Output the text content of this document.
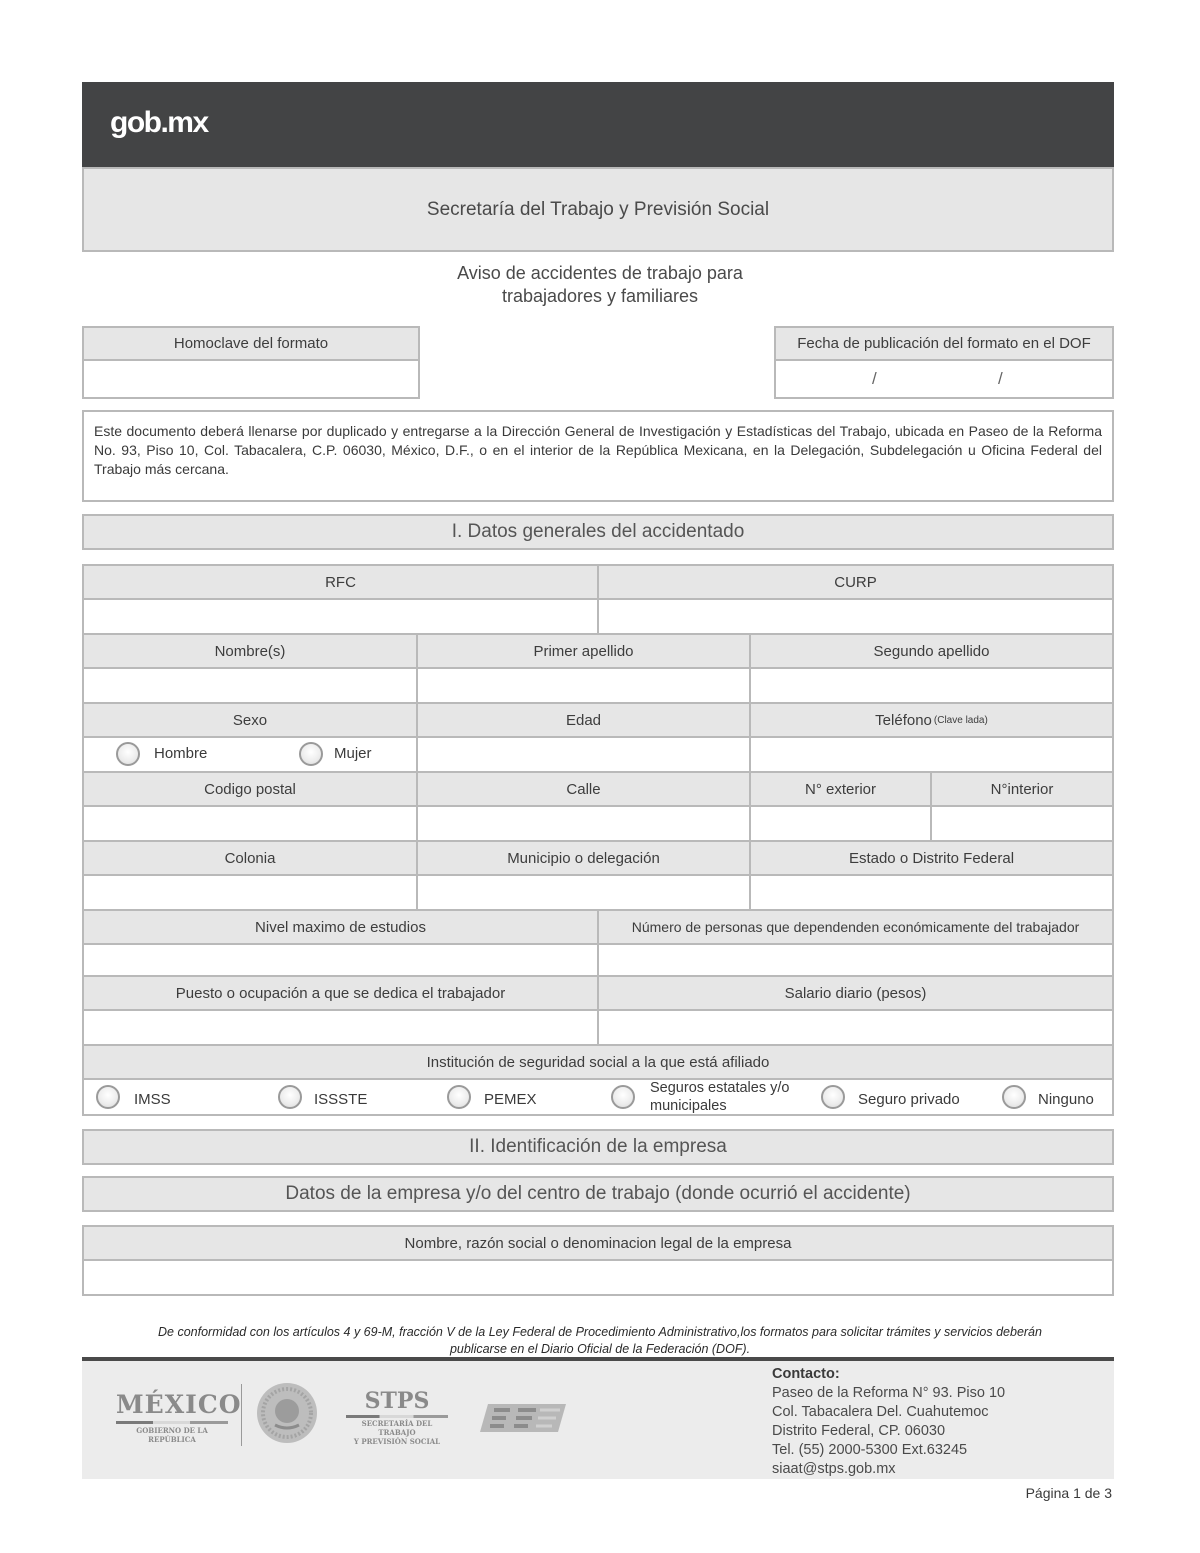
gob.mx
Secretaría del Trabajo y Previsión Social
Aviso de accidentes de trabajo para
trabajadores y familiares
Homoclave del formato	Fecha de publicación del formato en el DOF
/	/
Este documento deberá llenarse por duplicado y entregarse a la Dirección General de Investigación y Estadísticas del Trabajo, ubicada en Paseo de la Reforma No. 93, Piso 10, Col. Tabacalera, C.P. 06030, México, D.F., o en el interior de la República Mexicana, en la Delegación, Subdelegación u Oficina Federal del Trabajo más cercana.
I. Datos generales del accidentado
RFC	CURP
Nombre(s)	Primer apellido	Segundo apellido
Sexo	Edad	Teléfono (Clave lada)
Hombre	Mujer
Codigo postal	Calle	N° exterior	N°interior
Colonia	Municipio o delegación	Estado o Distrito Federal
Nivel maximo de estudios	Número de personas que dependenden económicamente del trabajador
Puesto o ocupación a que se dedica el trabajador	Salario diario (pesos)
Institución de seguridad social a la que está afiliado
IMSS	ISSSTE	PEMEX
Seguros estatales y/o municipales	Seguro privado	Ninguno
II. Identificación de la empresa
Datos de la empresa y/o del centro de trabajo (donde ocurrió el accidente)
Nombre, razón social o denominacion legal de la empresa
De conformidad con los artículos 4 y 69-M, fracción V de la Ley Federal de Procedimiento Administrativo,los formatos para solicitar trámites y servicios deberán
publicarse en el Diario Oficial de la Federación (DOF).
MÉXICO
GOBIERNO DE LA REPÚBLICA
STPS
SECRETARÍA DEL TRABAJO
Y PREVISIÓN SOCIAL
Contacto:
Paseo de la Reforma N° 93. Piso 10
Col. Tabacalera Del. Cuahutemoc
Distrito Federal, CP. 06030
Tel. (55) 2000-5300 Ext.63245
siaat@stps.gob.mx
Página 1 de 3
